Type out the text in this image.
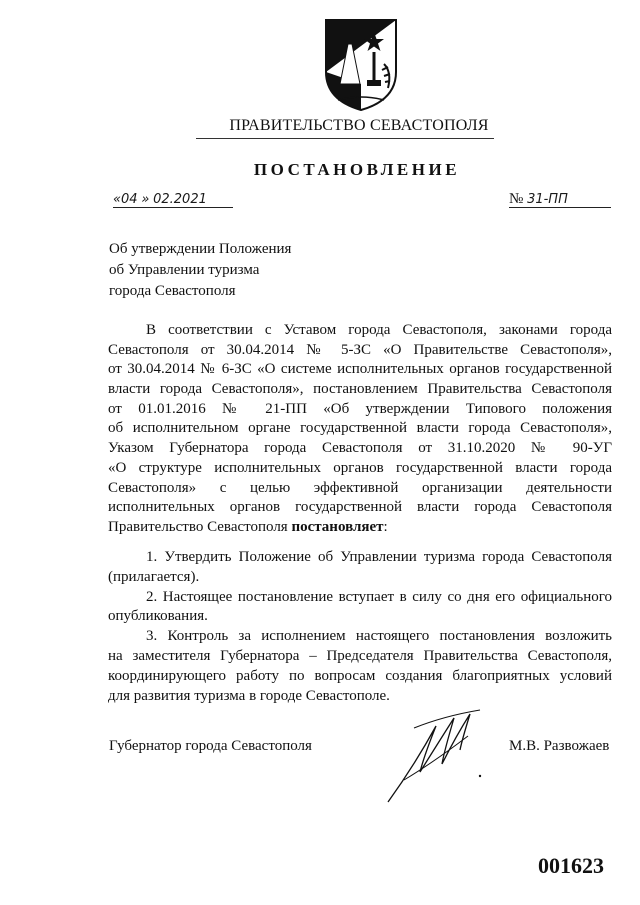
ПРАВИТЕЛЬСТВО СЕВАСТОПОЛЯ
ПОСТАНОВЛЕНИЕ
«04 » 02.2021	№ 31-ПП
Об утверждении Положения
об Управлении туризма
города Севастополя
В соответствии с Уставом города Севастополя, законами города
Севастополя от 30.04.2014 № 5-ЗС «О Правительстве Севастополя»,
от 30.04.2014 № 6-ЗС «О системе исполнительных органов государственной
власти города Севастополя», постановлением Правительства Севастополя
от 01.01.2016 № 21-ПП «Об утверждении Типового положения
об исполнительном органе государственной власти города Севастополя»,
Указом Губернатора города Севастополя от 31.10.2020 № 90-УГ
«О структуре исполнительных органов государственной власти города
Севастополя» с целью эффективной организации деятельности
исполнительных органов государственной власти города Севастополя
Правительство Севастополя постановляет:
1. Утвердить Положение об Управлении туризма города Севастополя
(прилагается).
2. Настоящее постановление вступает в силу со дня его официального
опубликования.
3. Контроль за исполнением настоящего постановления возложить
на заместителя Губернатора – Председателя Правительства Севастополя,
координирующего работу по вопросам создания благоприятных условий
для развития туризма в городе Севастополе.
Губернатор города Севастополя	М.В. Развожаев
001623
